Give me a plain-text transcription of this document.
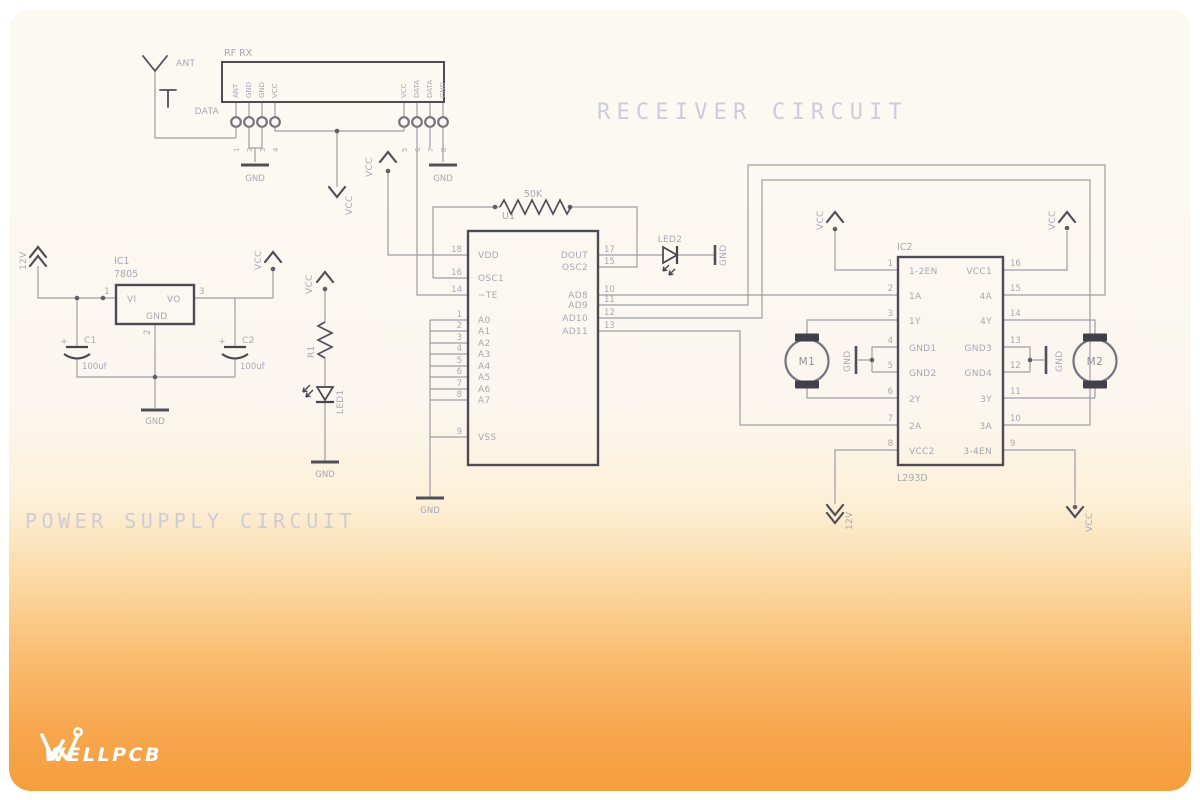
RECEIVER CIRCUIT
POWER SUPPLY CIRCUIT
ANT
RF RX
DATA
ANT GND GND VCC	VCC DATA DATA GND
1 2 3 4	5 6 7 8
GND	GND
VCC
VCC
U1
50K
VDD
OSC1
~TE
A0
A1
A2
A3
A4
A5
A6
A7
VSS
18
16
14
1
2
3
4
5
6
7
8
9
DOUT
OSC2
AD8
AD9
AD10
AD11
17
15
10
11
12
13
GND
LED2
GND
12V	IC1
7805
VI	VO
GND
1	3
2
VCC
+ C1
100uf
+ C2
100uf
GND
VCC
R1
LED1
GND
IC2
L293D
1-2EN
1A
1Y
GND1
GND2
2Y
2A
VCC2
1
2
3
4
5
6
7
8
VCC1
4A
4Y
GND3
GND4
3Y
3A
3-4EN
16
15
14
13
12
11
10
9
VCC	VCC
GND	GND
12V	VCC
M1	M2
WELLPCB
